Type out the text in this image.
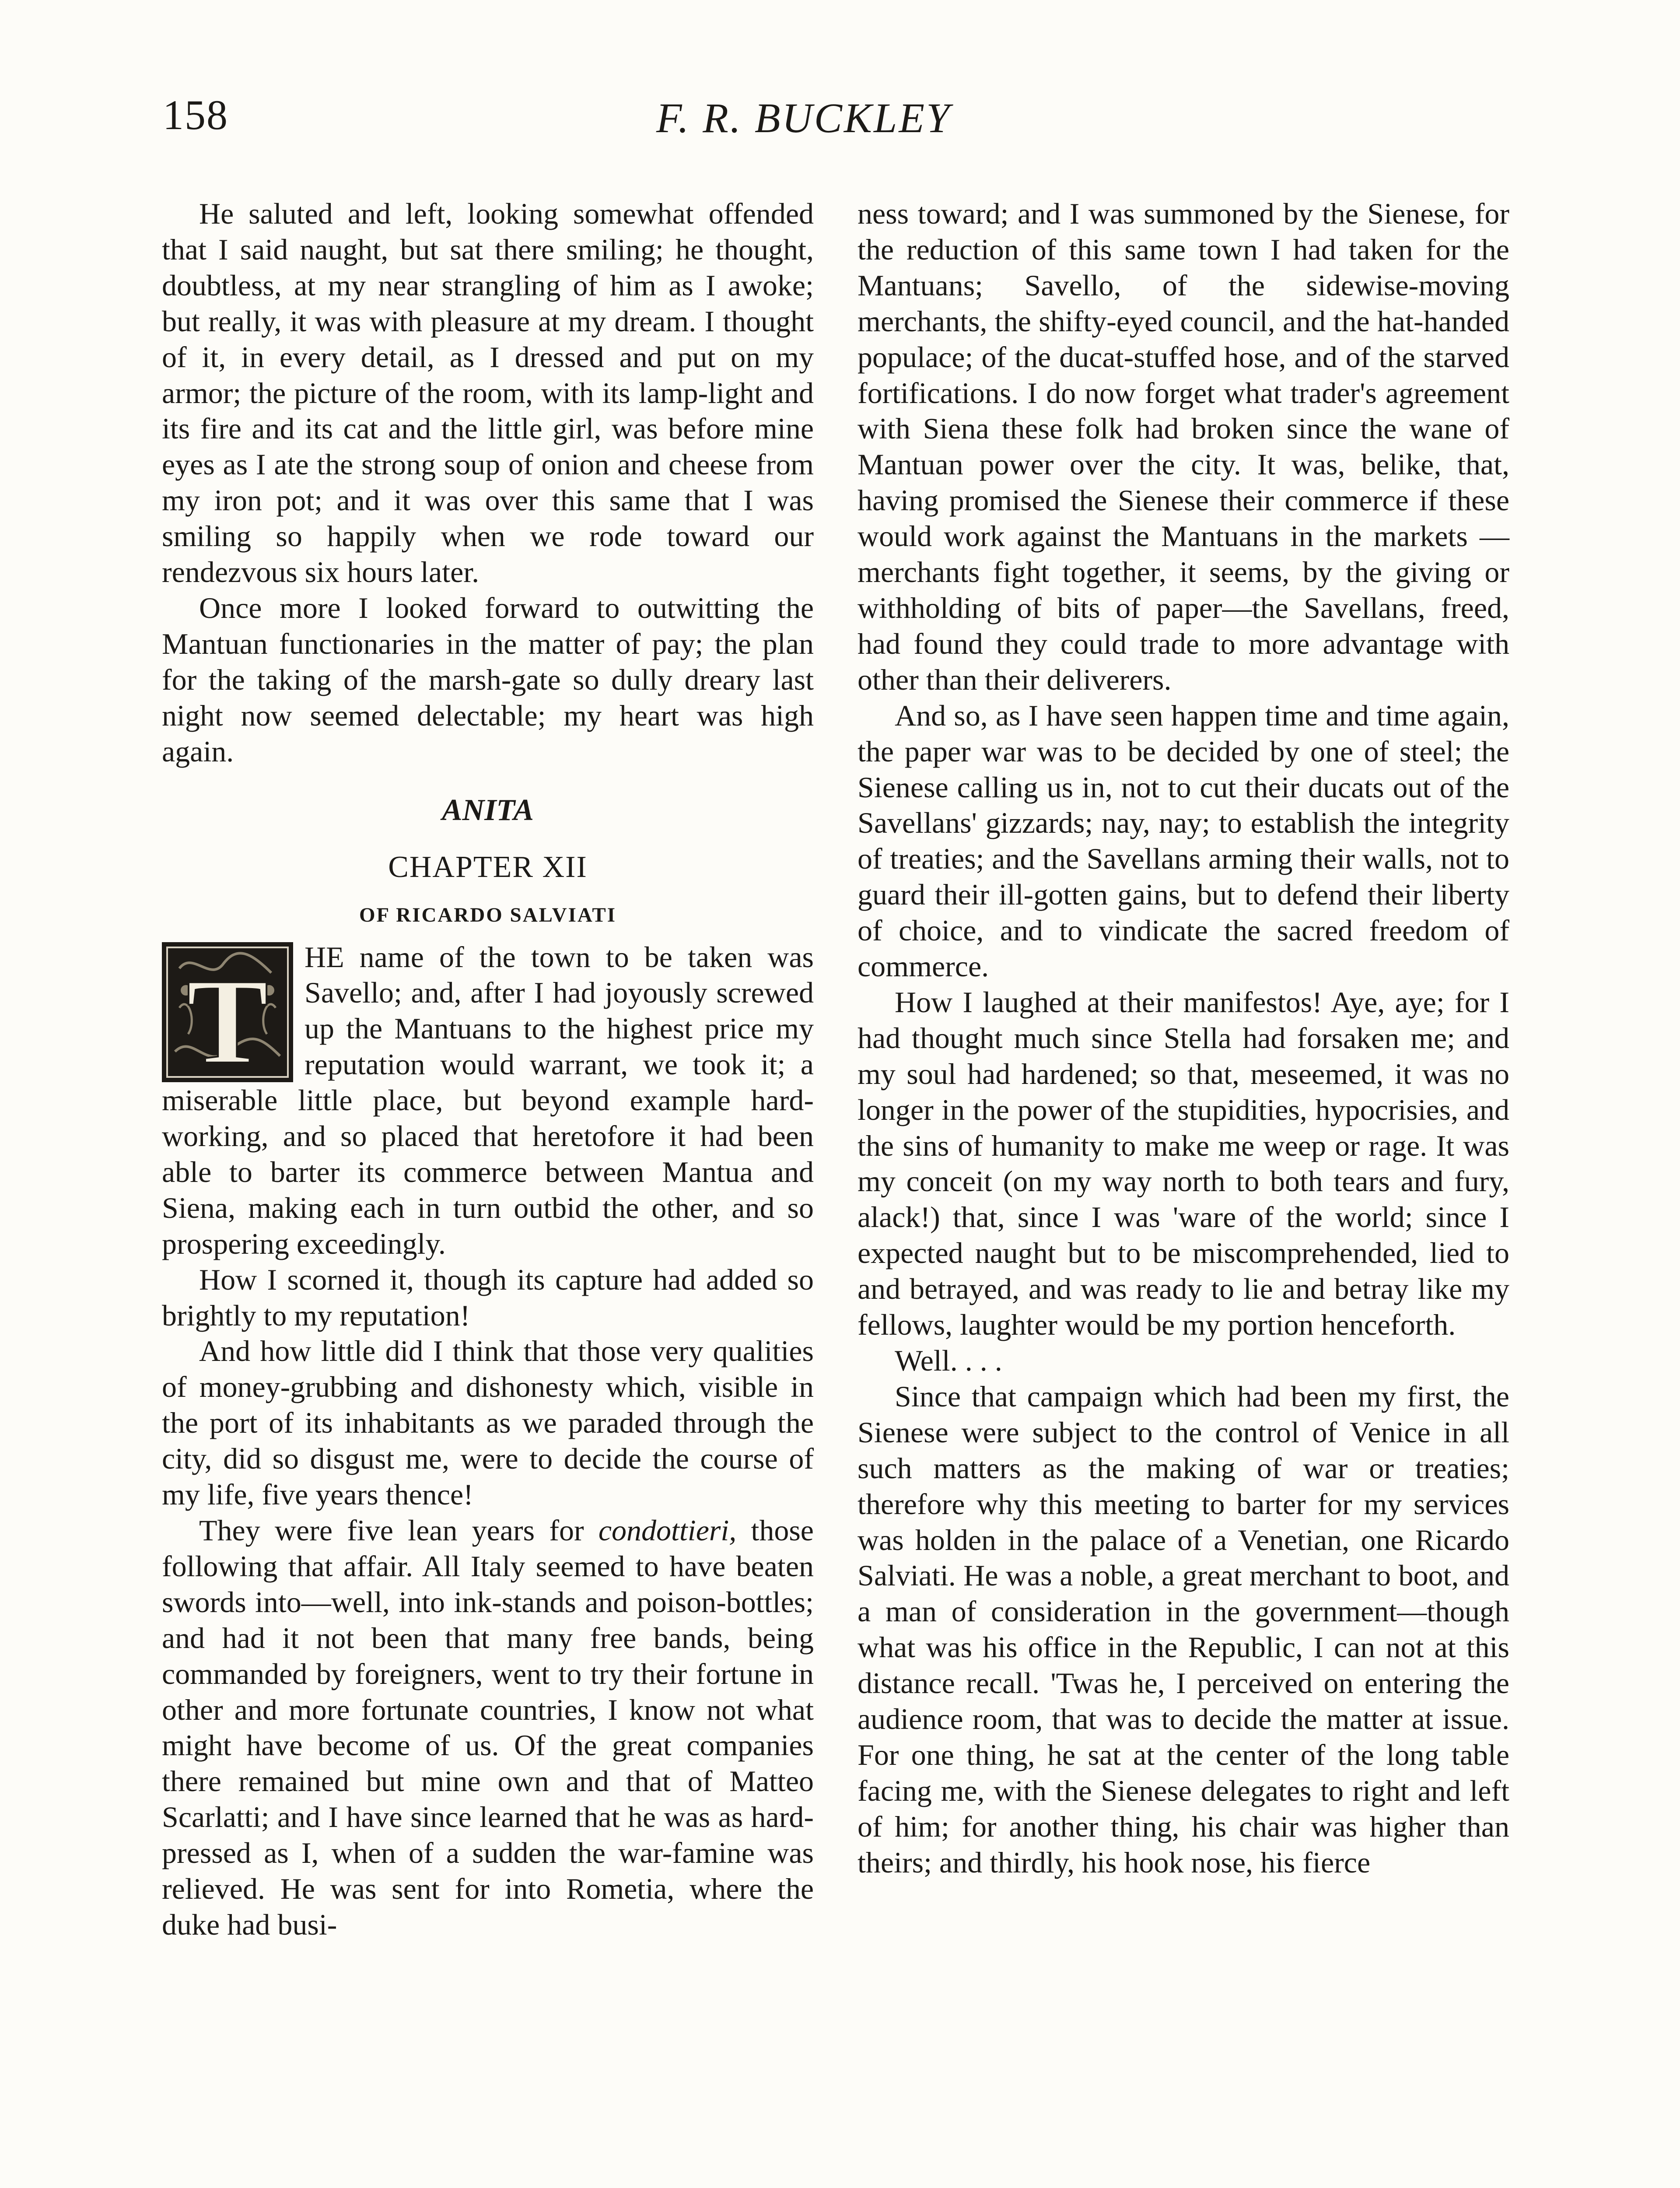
158	F. R. BUCKLEY

He saluted and left, looking somewhat offended that I said naught, but sat there smiling; he thought, doubtless, at my near strangling of him as I awoke; but really, it was with pleasure at my dream. I thought of it, in every detail, as I dressed and put on my armor; the picture of the room, with its lamp-light and its fire and its cat and the little girl, was before mine eyes as I ate the strong soup of onion and cheese from my iron pot; and it was over this same that I was smiling so happily when we rode toward our rendezvous six hours later.

Once more I looked forward to outwitting the Mantuan functionaries in the matter of pay; the plan for the taking of the marsh-gate so dully dreary last night now seemed delectable; my heart was high again.

ANITA
CHAPTER XII
OF RICARDO SALVIATI

T HE name of the town to be taken was Savello; and, after I had joyously screwed up the Mantuans to the highest price my reputation would warrant, we took it; a miserable little place, but beyond example hard-working, and so placed that heretofore it had been able to barter its commerce between Mantua and Siena, making each in turn outbid the other, and so prospering exceedingly.

How I scorned it, though its capture had added so brightly to my reputation!

And how little did I think that those very qualities of money-grubbing and dishonesty which, visible in the port of its inhabitants as we paraded through the city, did so disgust me, were to decide the course of my life, five years thence!

They were five lean years for condottieri, those following that affair. All Italy seemed to have beaten swords into—well, into ink-stands and poison-bottles; and had it not been that many free bands, being commanded by foreigners, went to try their fortune in other and more fortunate countries, I know not what might have become of us. Of the great companies there remained but mine own and that of Matteo Scarlatti; and I have since learned that he was as hard-pressed as I, when of a sudden the war-famine was relieved. He was sent for into Rometia, where the duke had busi-

ness toward; and I was summoned by the Sienese, for the reduction of this same town I had taken for the Mantuans; Savello, of the sidewise-moving merchants, the shifty-eyed council, and the hat-handed populace; of the ducat-stuffed hose, and of the starved fortifications. I do now forget what trader's agreement with Siena these folk had broken since the wane of Mantuan power over the city. It was, belike, that, having promised the Sienese their commerce if these would work against the Mantuans in the markets —merchants fight together, it seems, by the giving or withholding of bits of paper—the Savellans, freed, had found they could trade to more advantage with other than their deliverers.

And so, as I have seen happen time and time again, the paper war was to be decided by one of steel; the Sienese calling us in, not to cut their ducats out of the Savellans' gizzards; nay, nay; to establish the integrity of treaties; and the Savellans arming their walls, not to guard their ill-gotten gains, but to defend their liberty of choice, and to vindicate the sacred freedom of commerce.

How I laughed at their manifestos! Aye, aye; for I had thought much since Stella had forsaken me; and my soul had hardened; so that, meseemed, it was no longer in the power of the stupidities, hypocrisies, and the sins of humanity to make me weep or rage. It was my conceit (on my way north to both tears and fury, alack!) that, since I was 'ware of the world; since I expected naught but to be miscomprehended, lied to and betrayed, and was ready to lie and betray like my fellows, laughter would be my portion henceforth.

Well. . . .

Since that campaign which had been my first, the Sienese were subject to the control of Venice in all such matters as the making of war or treaties; therefore why this meeting to barter for my services was holden in the palace of a Venetian, one Ricardo Salviati. He was a noble, a great merchant to boot, and a man of consideration in the government—though what was his office in the Republic, I can not at this distance recall. 'Twas he, I perceived on entering the audience room, that was to decide the matter at issue. For one thing, he sat at the center of the long table facing me, with the Sienese delegates to right and left of him; for another thing, his chair was higher than theirs; and thirdly, his hook nose, his fierce
